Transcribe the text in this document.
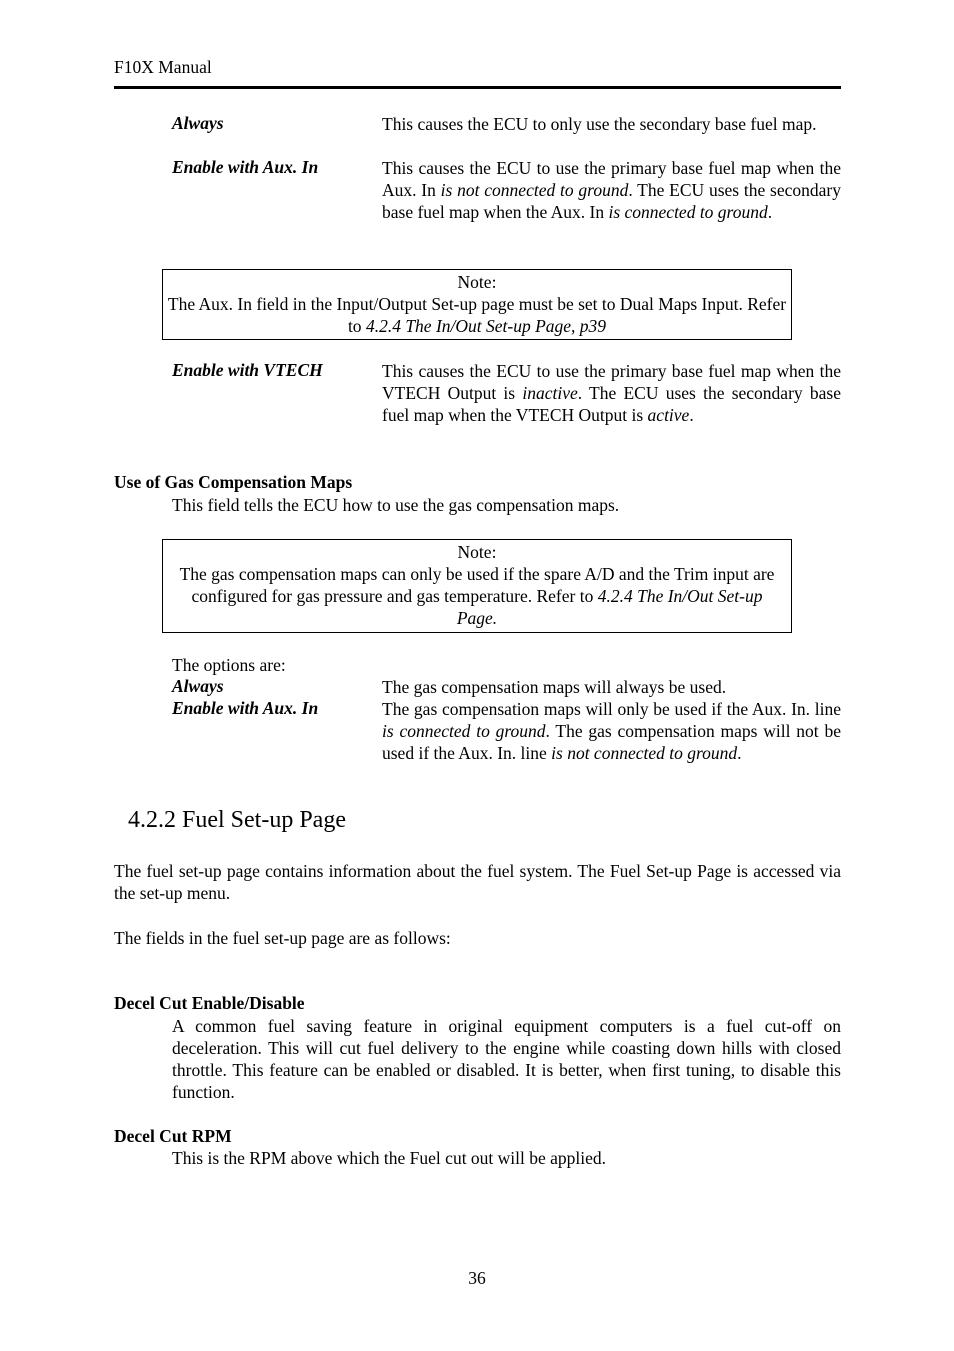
F10X Manual
Always	This causes the ECU to only use the secondary base fuel map.
Enable with Aux. In	This causes the ECU to use the primary base fuel map when the Aux. In is not connected to ground. The ECU uses the secondary base fuel map when the Aux. In is connected to ground.
Note:
The Aux. In field in the Input/Output Set-up page must be set to Dual Maps Input. Refer to 4.2.4 The In/Out Set-up Page, p39
Enable with VTECH	This causes the ECU to use the primary base fuel map when the VTECH Output is inactive. The ECU uses the secondary base fuel map when the VTECH Output is active.
Use of Gas Compensation Maps
This field tells the ECU how to use the gas compensation maps.
Note:
The gas compensation maps can only be used if the spare A/D and the Trim input are configured for gas pressure and gas temperature. Refer to 4.2.4 The In/Out Set-up Page.
The options are:
Always	The gas compensation maps will always be used.
Enable with Aux. In	The gas compensation maps will only be used if the Aux. In. line is connected to ground. The gas compensation maps will not be used if the Aux. In. line is not connected to ground.
4.2.2 Fuel Set-up Page
The fuel set-up page contains information about the fuel system. The Fuel Set-up Page is accessed via the set-up menu.
The fields in the fuel set-up page are as follows:
Decel Cut Enable/Disable
A common fuel saving feature in original equipment computers is a fuel cut-off on deceleration. This will cut fuel delivery to the engine while coasting down hills with closed throttle. This feature can be enabled or disabled. It is better, when first tuning, to disable this function.
Decel Cut RPM
This is the RPM above which the Fuel cut out will be applied.
36
